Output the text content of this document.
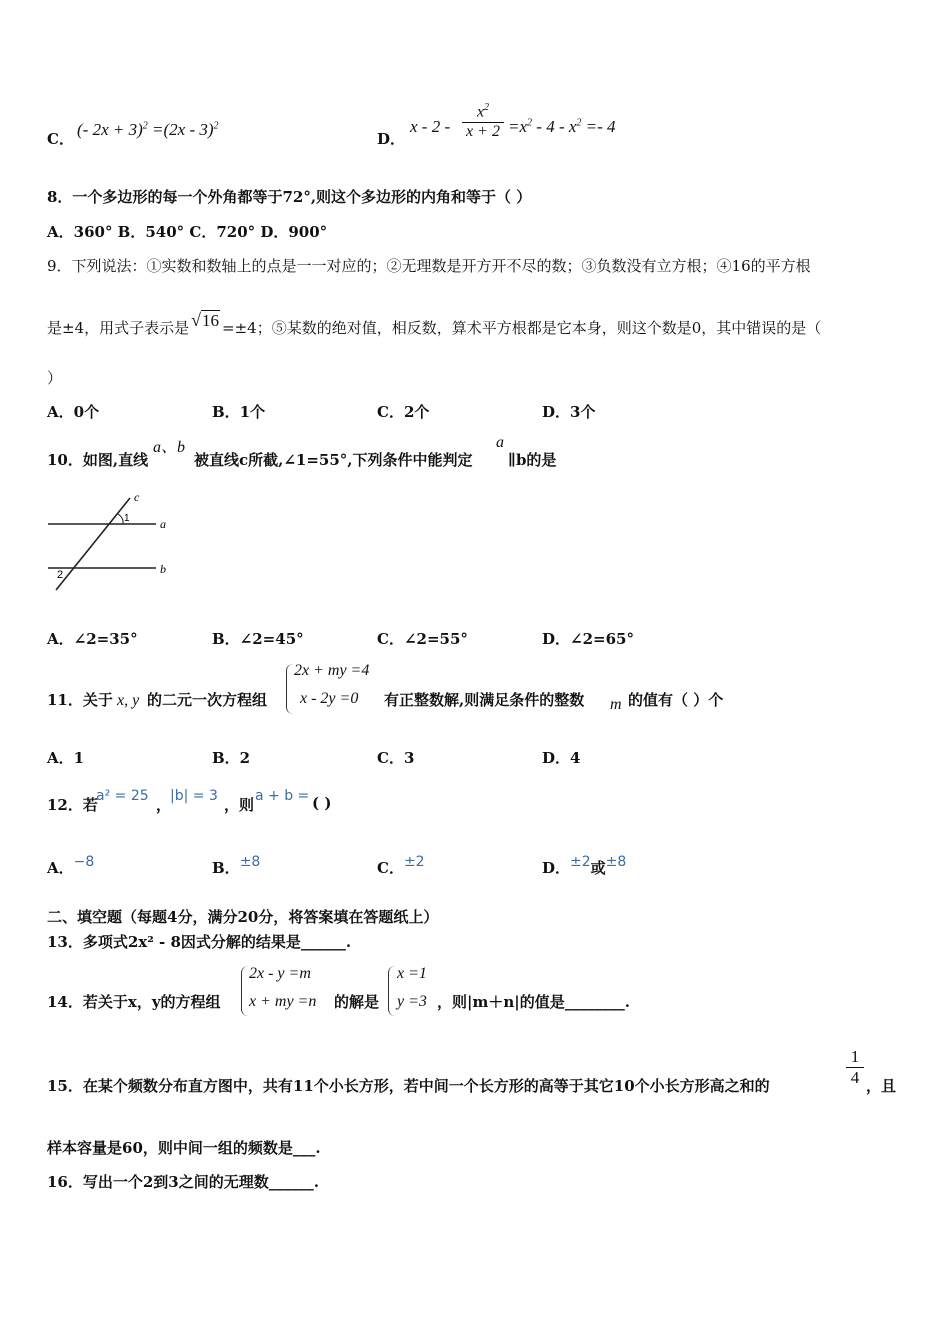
C． (- 2x + 3)$^2$ =(2x - 3)$^2$
D．
$x - 2 - \frac{x^2}{x + 2} =x^2 - 4 - x^2 =- 4$
8．一个多边形的每一个外角都等于72°,则这个多边形的内角和等于（ ）
A．360° B．540° C．720° D．900°
9．下列说法：①实数和数轴上的点是一一对应的；②无理数是开方开不尽的数；③负数没有立方根；④16的平方根
是±4，用式子表示是 √16 =±4；⑤某数的绝对值，相反数，算术平方根都是它本身，则这个数是0，其中错误的是（
）
A．0个	B．1个	C．2个	D．3个
10．如图,直线
a、b
被直线c所截,∠1=55°,下列条件中能判定
a
∥b的是
c
a
b
1
2
A．∠2=35°	B．∠2=45°	C．∠2=55°	D．∠2=65°
11．关于 x, y 的二元一次方程组
2x + my =4
x - 2y =0 有正整数解,则满足条件的整数 m 的值有（ ）个
A．1	B．2	C．3	D．4
12．若
a² = 25 ，
|b| = 3 ，则 a + b = ( )
A．−8	B．±8	C．±2	D．±2或±8
二、填空题（每题4分，满分20分，将答案填在答题纸上）
13．多项式2x² - 8因式分解的结果是______.
14．若关于x，y的方程组
2x - y =m
x + my =n 的解是
x =1
y =3 ，则|m＋n|的值是________.
15．在某个频数分布直方图中，共有11个小长方形，若中间一个长方形的高等于其它10个小长方形高之和的	$\frac{1}{4}$ ，且
样本容量是60，则中间一组的频数是___.
16．写出一个2到3之间的无理数______.
